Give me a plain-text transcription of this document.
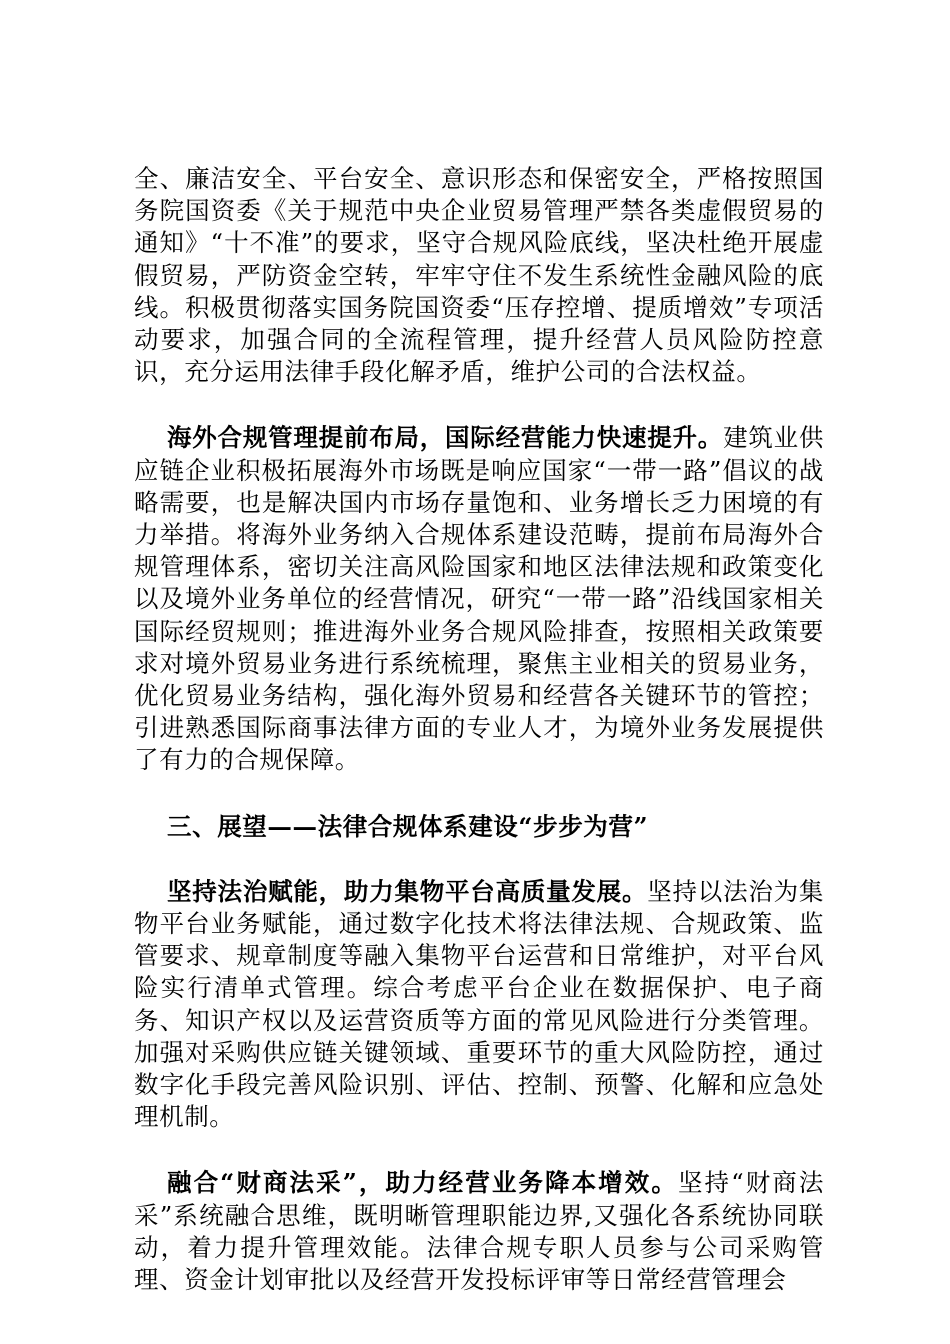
全、廉洁安全、平台安全、意识形态和保密安全，严格按照国务院国资委《关于规范中央企业贸易管理严禁各类虚假贸易的通知》“十不准”的要求，坚守合规风险底线，坚决杜绝开展虚假贸易，严防资金空转，牢牢守住不发生系统性金融风险的底线。积极贯彻落实国务院国资委“压存控增、提质增效”专项活动要求，加强合同的全流程管理，提升经营人员风险防控意识，充分运用法律手段化解矛盾，维护公司的合法权益。

海外合规管理提前布局，国际经营能力快速提升。建筑业供应链企业积极拓展海外市场既是响应国家“一带一路”倡议的战略需要，也是解决国内市场存量饱和、业务增长乏力困境的有力举措。将海外业务纳入合规体系建设范畴，提前布局海外合规管理体系，密切关注高风险国家和地区法律法规和政策变化以及境外业务单位的经营情况，研究“一带一路”沿线国家相关国际经贸规则；推进海外业务合规风险排查，按照相关政策要求对境外贸易业务进行系统梳理，聚焦主业相关的贸易业务，优化贸易业务结构，强化海外贸易和经营各关键环节的管控；引进熟悉国际商事法律方面的专业人才，为境外业务发展提供了有力的合规保障。

三、展望——法律合规体系建设“步步为营”

坚持法治赋能，助力集物平台高质量发展。坚持以法治为集物平台业务赋能，通过数字化技术将法律法规、合规政策、监管要求、规章制度等融入集物平台运营和日常维护，对平台风险实行清单式管理。综合考虑平台企业在数据保护、电子商务、知识产权以及运营资质等方面的常见风险进行分类管理。加强对采购供应链关键领域、重要环节的重大风险防控，通过数字化手段完善风险识别、评估、控制、预警、化解和应急处理机制。

融合“财商法采”，助力经营业务降本增效。坚持“财商法采”系统融合思维，既明晰管理职能边界,又强化各系统协同联动，着力提升管理效能。法律合规专职人员参与公司采购管理、资金计划审批以及经营开发投标评审等日常经营管理会
